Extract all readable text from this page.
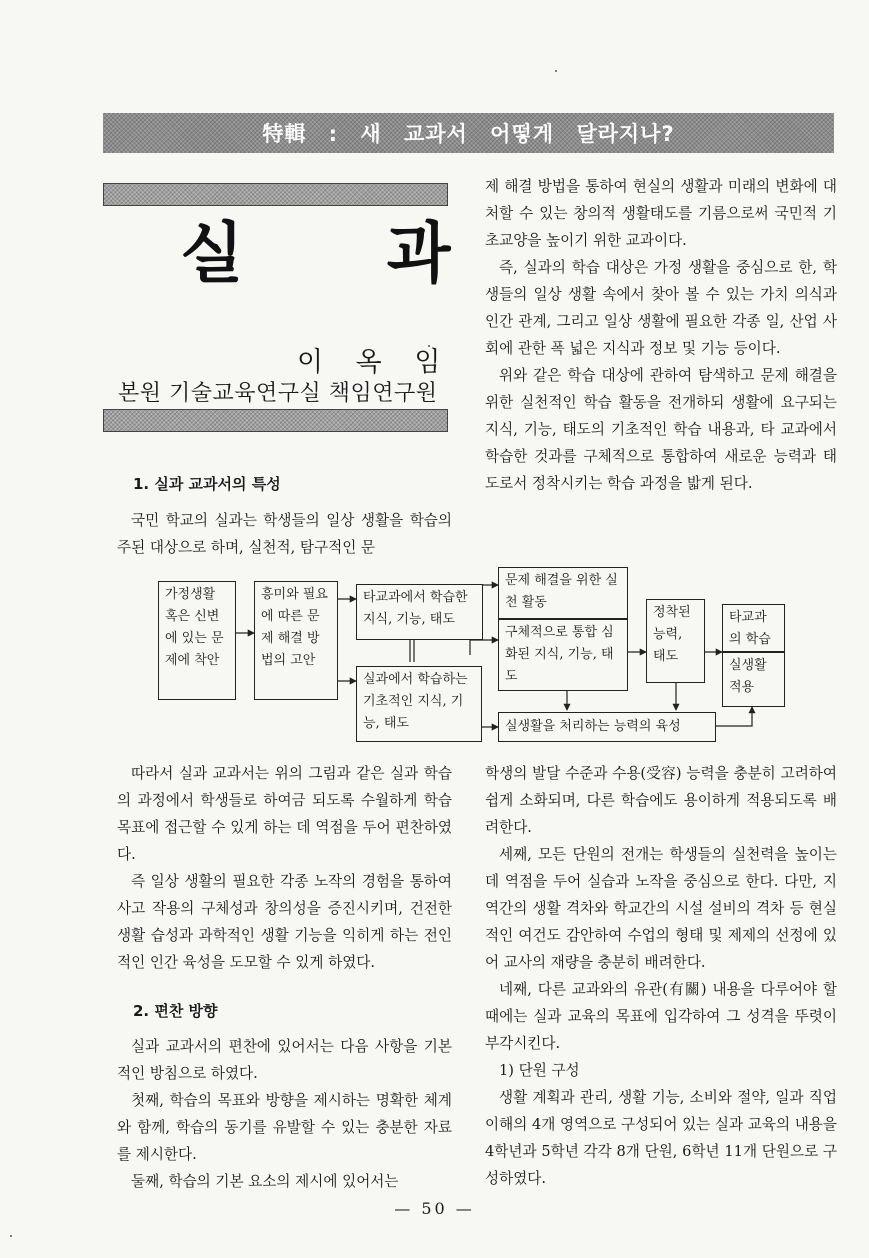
特輯 : 새 교과서 어떻게 달라지나?
실 과
이 옥 임
본원 기술교육연구실 책임연구원
1. 실과 교과서의 특성

국민 학교의 실과는 학생들의 일상 생활을 학습의 주된 대상으로 하며, 실천적, 탐구적인 문

제 해결 방법을 통하여 현실의 생활과 미래의 변화에 대처할 수 있는 창의적 생활태도를 기름으로써 국민적 기초교양을 높이기 위한 교과이다.

즉, 실과의 학습 대상은 가정 생활을 중심으로 한, 학생들의 일상 생활 속에서 찾아 볼 수 있는 가치 의식과 인간 관계, 그리고 일상 생활에 필요한 각종 일, 산업 사회에 관한 폭 넓은 지식과 정보 및 기능 등이다.

위와 같은 학습 대상에 관하여 탐색하고 문제 해결을 위한 실천적인 학습 활동을 전개하되 생활에 요구되는 지식, 기능, 태도의 기초적인 학습 내용과, 타 교과에서 학습한 것과를 구체적으로 통합하여 새로운 능력과 태도로서 정착시키는 학습 과정을 밟게 된다.

가정생활 혹은 신변에 있는 문제에 착안
흥미와 필요에 따른 문제 해결 방법의 고안
타교과에서 학습한 지식, 기능, 태도
실과에서 학습하는 기초적인 지식, 기능, 태도
문제 해결을 위한 실천 활동
구체적으로 통합 심화된 지식, 기능, 태도
정착된 능력, 태도
타교과의 학습
실생활 적용
실생활을 처리하는 능력의 육성

따라서 실과 교과서는 위의 그림과 같은 실과 학습의 과정에서 학생들로 하여금 되도록 수월하게 학습 목표에 접근할 수 있게 하는 데 역점을 두어 편찬하였다.

즉 일상 생활의 필요한 각종 노작의 경험을 통하여 사고 작용의 구체성과 창의성을 증진시키며, 건전한 생활 습성과 과학적인 생활 기능을 익히게 하는 전인적인 인간 육성을 도모할 수 있게 하였다.

2. 편찬 방향

실과 교과서의 편찬에 있어서는 다음 사항을 기본적인 방침으로 하였다.

첫째, 학습의 목표와 방향을 제시하는 명확한 체계와 함께, 학습의 동기를 유발할 수 있는 충분한 자료를 제시한다.

둘째, 학습의 기본 요소의 제시에 있어서는

학생의 발달 수준과 수용(受容) 능력을 충분히 고려하여 쉽게 소화되며, 다른 학습에도 용이하게 적용되도록 배려한다.

세째, 모든 단원의 전개는 학생들의 실천력을 높이는 데 역점을 두어 실습과 노작을 중심으로 한다. 다만, 지역간의 생활 격차와 학교간의 시설 설비의 격차 등 현실적인 여건도 감안하여 수업의 형태 및 제제의 선정에 있어 교사의 재량을 충분히 배려한다.

네째, 다른 교과와의 유관(有關) 내용을 다루어야 할 때에는 실과 교육의 목표에 입각하여 그 성격을 뚜렷이 부각시킨다.

1) 단원 구성

생활 계획과 관리, 생활 기능, 소비와 절약, 일과 직업 이해의 4개 영역으로 구성되어 있는 실과 교육의 내용을 4학년과 5학년 각각 8개 단원, 6학년 11개 단원으로 구성하였다.

— 50 —
